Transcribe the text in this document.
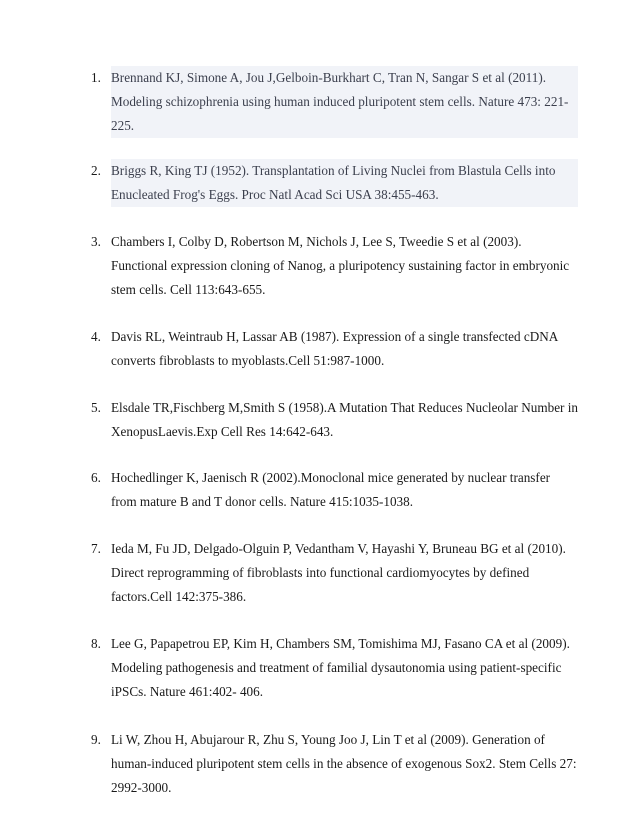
1. Brennand KJ, Simone A, Jou J,Gelboin-Burkhart C, Tran N, Sangar S et al (2011). Modeling schizophrenia using human induced pluripotent stem cells. Nature 473: 221-225.
2. Briggs R, King TJ (1952). Transplantation of Living Nuclei from Blastula Cells into Enucleated Frog's Eggs. Proc Natl Acad Sci USA 38:455-463.
3. Chambers I, Colby D, Robertson M, Nichols J, Lee S, Tweedie S et al (2003). Functional expression cloning of Nanog, a pluripotency sustaining factor in embryonic stem cells. Cell 113:643-655.
4. Davis RL, Weintraub H, Lassar AB (1987). Expression of a single transfected cDNA converts fibroblasts to myoblasts.Cell 51:987-1000.
5. Elsdale TR,Fischberg M,Smith S (1958).A Mutation That Reduces Nucleolar Number in XenopusLaevis.Exp Cell Res 14:642-643.
6. Hochedlinger K, Jaenisch R (2002).Monoclonal mice generated by nuclear transfer from mature B and T donor cells. Nature 415:1035-1038.
7. Ieda M, Fu JD, Delgado-Olguin P, Vedantham V, Hayashi Y, Bruneau BG et al (2010). Direct reprogramming of fibroblasts into functional cardiomyocytes by defined factors.Cell 142:375-386.
8. Lee G, Papapetrou EP, Kim H, Chambers SM, Tomishima MJ, Fasano CA et al (2009). Modeling pathogenesis and treatment of familial dysautonomia using patient-specific iPSCs. Nature 461:402- 406.
9. Li W, Zhou H, Abujarour R, Zhu S, Young Joo J, Lin T et al (2009). Generation of human-induced pluripotent stem cells in the absence of exogenous Sox2. Stem Cells 27: 2992-3000.
